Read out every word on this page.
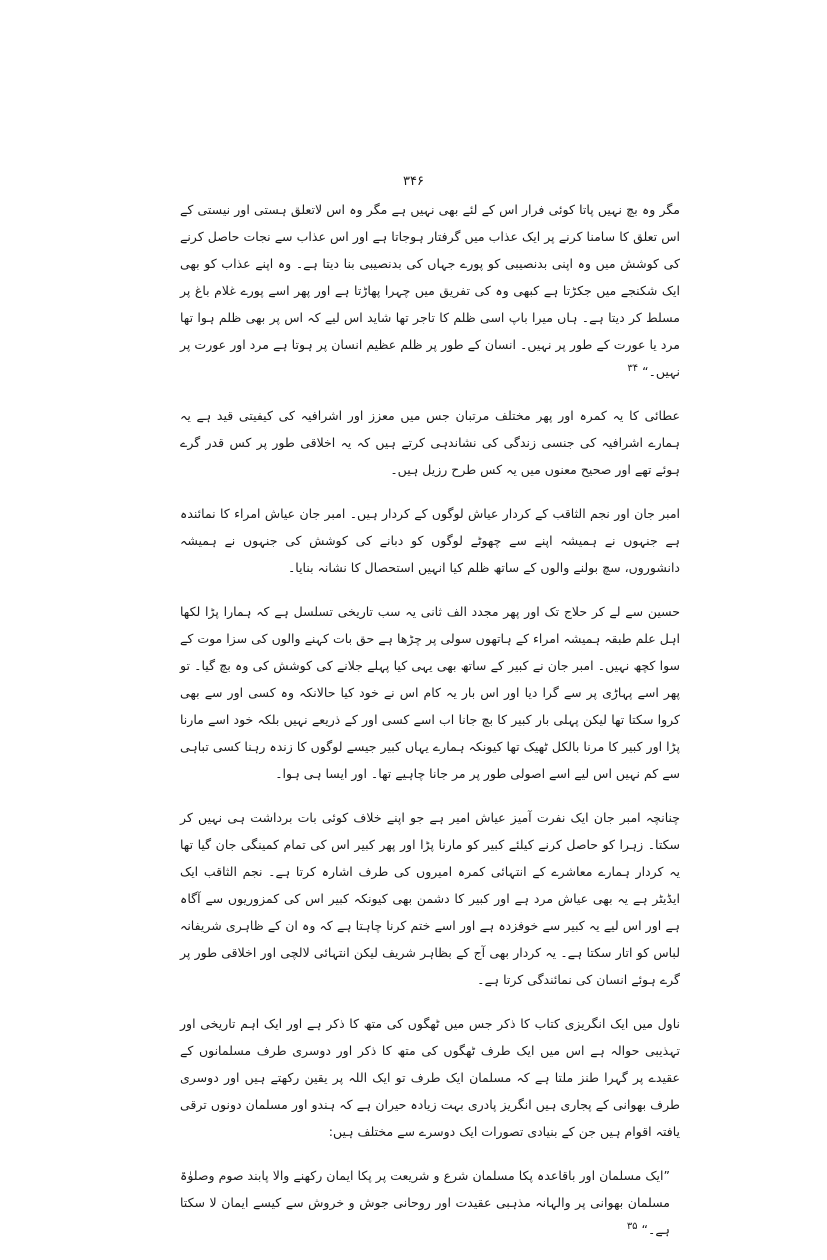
۳۴۶

مگر وہ بچ نہیں پاتا کوئی فرار اس کے لئے بھی نہیں ہے مگر وہ اس لاتعلق ہستی اور نیستی کے اس تعلق کا سامنا کرنے پر ایک عذاب میں گرفتار ہوجاتا ہے اور اس عذاب سے نجات حاصل کرنے کی کوشش میں وہ اپنی بدنصیبی کو پورے جہاں کی بدنصیبی بنا دیتا ہے۔ وہ اپنے عذاب کو بھی ایک شکنجے میں جکڑتا ہے کبھی وہ کی تفریق میں چہرا پھاڑتا ہے اور پھر اسے پورے غلام باغ پر مسلط کر دیتا ہے۔ ہاں میرا باپ اسی ظلم کا تاجر تھا شاید اس لیے کہ اس پر بھی ظلم ہوا تھا مرد یا عورت کے طور پر نہیں۔ انسان کے طور پر ظلم عظیم انسان پر ہوتا ہے مرد اور عورت پر نہیں۔“ $^{۳۴}$

عطائی کا یہ کمرہ اور پھر مختلف مرتبان جس میں معزز اور اشرافیہ کی کیفیتی قید ہے یہ ہمارے اشرافیہ کی جنسی زندگی کی نشاندہی کرتے ہیں کہ یہ اخلاقی طور پر کس قدر گرے ہوئے تھے اور صحیح معنوں میں یہ کس طرح رزیل ہیں۔

امبر جان اور نجم الثاقب کے کردار عیاش لوگوں کے کردار ہیں۔ امبر جان عیاش امراء کا نمائندہ ہے جنہوں نے ہمیشہ اپنے سے چھوٹے لوگوں کو دبانے کی کوشش کی جنہوں نے ہمیشہ دانشوروں، سچ بولنے والوں کے ساتھ ظلم کیا انہیں استحصال کا نشانہ بنایا۔

حسین سے لے کر حلاج تک اور پھر مجدد الف ثانی یہ سب تاریخی تسلسل ہے کہ ہمارا پڑا لکھا اہل علم طبقہ ہمیشہ امراء کے ہاتھوں سولی پر چڑھا ہے حق بات کہنے والوں کی سزا موت کے سوا کچھ نہیں۔ امبر جان نے کبیر کے ساتھ بھی یہی کیا پہلے جلانے کی کوشش کی وہ بچ گیا۔ تو پھر اسے پہاڑی پر سے گرا دیا اور اس بار یہ کام اس نے خود کیا حالانکہ وہ کسی اور سے بھی کروا سکتا تھا لیکن پہلی بار کبیر کا بچ جانا اب اسے کسی اور کے ذریعے نہیں بلکہ خود اسے مارنا پڑا اور کبیر کا مرنا بالکل ٹھیک تھا کیونکہ ہمارے یہاں کبیر جیسے لوگوں کا زندہ رہنا کسی تباہی سے کم نہیں اس لیے اسے اصولی طور پر مر جانا چاہیے تھا۔ اور ایسا ہی ہوا۔

چنانچہ امبر جان ایک نفرت آمیز عیاش امیر ہے جو اپنے خلاف کوئی بات برداشت ہی نہیں کر سکتا۔ زہرا کو حاصل کرنے کیلئے کبیر کو مارنا پڑا اور پھر کبیر اس کی تمام کمینگی جان گیا تھا یہ کردار ہمارے معاشرے کے انتہائی کمرہ امیروں کی طرف اشارہ کرتا ہے۔ نجم الثاقب ایک ایڈیٹر ہے یہ بھی عیاش مرد ہے اور کبیر کا دشمن بھی کیونکہ کبیر اس کی کمزوریوں سے آگاہ ہے اور اس لیے یہ کبیر سے خوفزدہ ہے اور اسے ختم کرنا چاہتا ہے کہ وہ ان کے ظاہری شریفانہ لباس کو اتار سکتا ہے۔ یہ کردار بھی آج کے بظاہر شریف لیکن انتہائی لالچی اور اخلاقی طور پر گرے ہوئے انسان کی نمائندگی کرتا ہے۔

ناول میں ایک انگریزی کتاب کا ذکر جس میں ٹھگوں کی متھ کا ذکر ہے اور ایک اہم تاریخی اور تہذیبی حوالہ ہے اس میں ایک طرف ٹھگوں کی متھ کا ذکر اور دوسری طرف مسلمانوں کے عقیدے پر گہرا طنز ملتا ہے کہ مسلمان ایک طرف تو ایک اللہ پر یقین رکھتے ہیں اور دوسری طرف بھوانی کے پجاری ہیں انگریز پادری بہت زیادہ حیران ہے کہ ہندو اور مسلمان دونوں ترقی یافتہ اقوام ہیں جن کے بنیادی تصورات ایک دوسرے سے مختلف ہیں:

”ایک مسلمان اور باقاعدہ پکا مسلمان شرع و شریعت پر پکا ایمان رکھنے والا پابند صوم وصلوٰۃ مسلمان بھوانی پر والہانہ مذہبی عقیدت اور روحانی جوش و خروش سے کیسے ایمان لا سکتا ہے۔“ $^{۳۵}$
